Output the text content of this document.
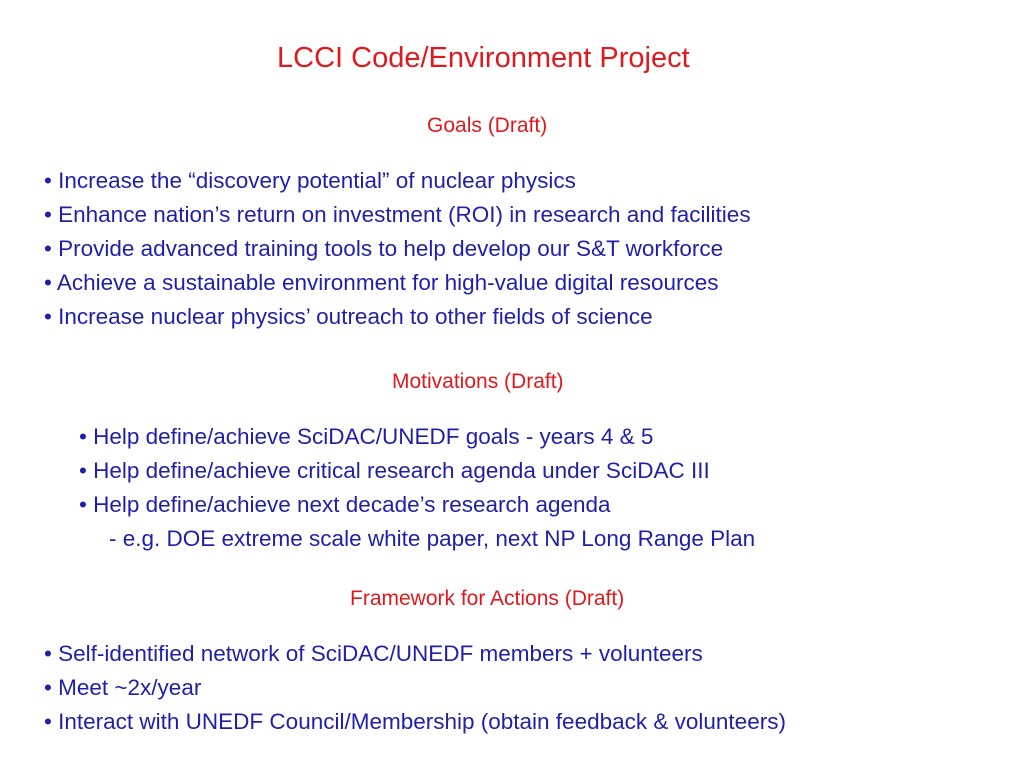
LCCI Code/Environment Project
Goals (Draft)
• Increase the “discovery potential” of nuclear physics
• Enhance nation’s return on investment (ROI) in research and facilities
• Provide advanced training tools to help develop our S&T workforce
• Achieve a sustainable environment for high-value digital resources
• Increase nuclear physics’ outreach to other fields of science
Motivations (Draft)
• Help define/achieve SciDAC/UNEDF goals - years 4 & 5
• Help define/achieve critical research agenda under SciDAC III
• Help define/achieve next decade’s research agenda
- e.g. DOE extreme scale white paper, next NP Long Range Plan
Framework for Actions (Draft)
• Self-identified network of SciDAC/UNEDF members + volunteers
• Meet ~2x/year
• Interact with UNEDF Council/Membership (obtain feedback & volunteers)
